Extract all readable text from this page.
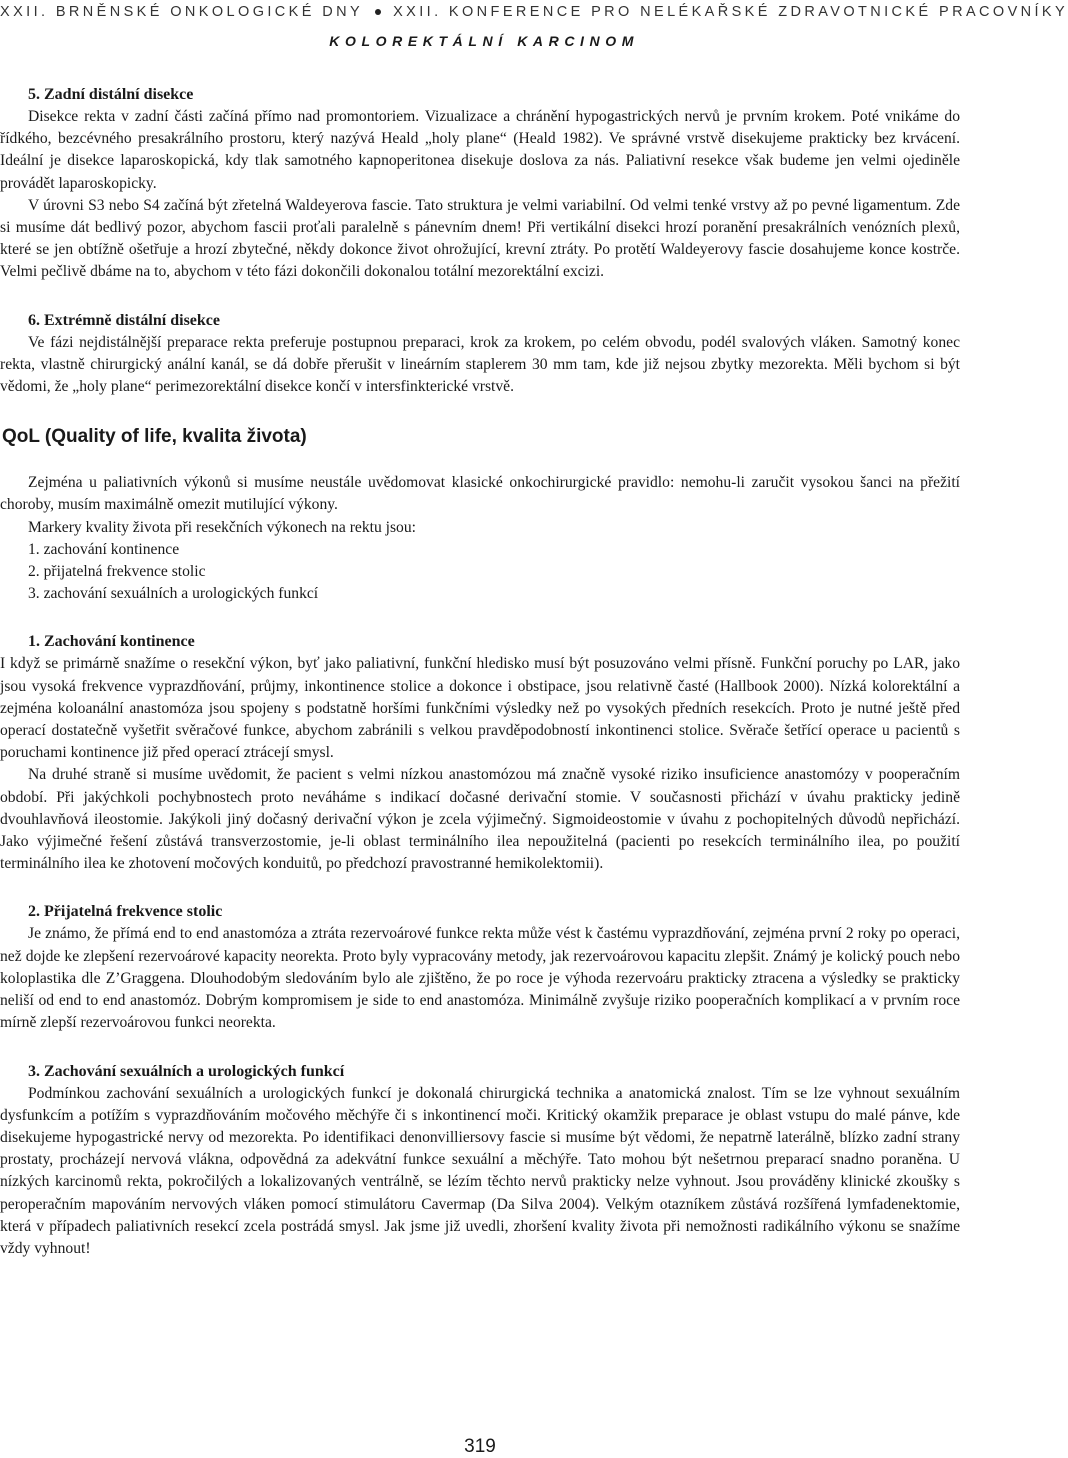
XXII. BRNĚNSKÉ ONKOLOGICKÉ DNY XXII. KONFERENCE PRO NELÉKAŘSKÉ ZDRAVOTNICKÉ PRACOVNÍKY
KOLOREKTÁLNÍ KARCINOM
5. Zadní distální disekce

Disekce rekta v zadní části začíná přímo nad promontoriem. Vizualizace a chránění hypogastrických nervů je prvním krokem. Poté vnikáme do řídkého, bezcévného presakrálního prostoru, který nazývá Heald „holy plane“ (Heald 1982). Ve správné vrstvě disekujeme prakticky bez krvácení. Ideální je disekce laparoskopická, kdy tlak samotného kapnoperitonea disekuje doslova za nás. Paliativní resekce však budeme jen velmi ojediněle provádět laparoskopicky.

V úrovni S3 nebo S4 začíná být zřetelná Waldeyerova fascie. Tato struktura je velmi variabilní. Od velmi tenké vrstvy až po pevné ligamentum. Zde si musíme dát bedlivý pozor, abychom fascii proťali paralelně s pánevním dnem! Při vertikální disekci hrozí poranění presakrálních venózních plexů, které se jen obtížně ošetřuje a hrozí zbytečné, někdy dokonce život ohrožující, krevní ztráty. Po protětí Waldeyerovy fascie dosahujeme konce kostrče. Velmi pečlivě dbáme na to, abychom v této fázi dokončili dokonalou totální mezorektální excizi.

6. Extrémně distální disekce

Ve fázi nejdistálnější preparace rekta preferuje postupnou preparaci, krok za krokem, po celém obvodu, podél svalových vláken. Samotný konec rekta, vlastně chirurgický anální kanál, se dá dobře přerušit v lineárním staplerem 30 mm tam, kde již nejsou zbytky mezorekta. Měli bychom si být vědomi, že „holy plane“ perimezorektální disekce končí v intersfinkterické vrstvě.

QoL (Quality of life, kvalita života)

Zejména u paliativních výkonů si musíme neustále uvědomovat klasické onkochirurgické pravidlo: nemohu-li zaručit vysokou šanci na přežití choroby, musím maximálně omezit mutilující výkony.

Markery kvality života při resekčních výkonech na rektu jsou:
1. zachování kontinence
2. přijatelná frekvence stolic
3. zachování sexuálních a urologických funkcí
1. Zachování kontinence

I když se primárně snažíme o resekční výkon, byť jako paliativní, funkční hledisko musí být posuzováno velmi přísně. Funkční poruchy po LAR, jako jsou vysoká frekvence vyprazdňování, průjmy, inkontinence stolice a dokonce i obstipace, jsou relativně časté (Hallbook 2000). Nízká kolorektální a zejména koloanální anastomóza jsou spojeny s podstatně horšími funkčními výsledky než po vysokých předních resekcích. Proto je nutné ještě před operací dostatečně vyšetřit svěračové funkce, abychom zabránili s velkou pravděpodobností inkontinenci stolice. Svěrače šetřící operace u pacientů s poruchami kontinence již před operací ztrácejí smysl.

Na druhé straně si musíme uvědomit, že pacient s velmi nízkou anastomózou má značně vysoké riziko insuficience anastomózy v pooperačním období. Při jakýchkoli pochybnostech proto neváháme s indikací dočasné derivační stomie. V současnosti přichází v úvahu prakticky jedině dvouhlavňová ileostomie. Jakýkoli jiný dočasný derivační výkon je zcela výjimečný. Sigmoideostomie v úvahu z pochopitelných důvodů nepřichází. Jako výjimečné řešení zůstává transverzostomie, je-li oblast terminálního ilea nepoužitelná (pacienti po resekcích terminálního ilea, po použití terminálního ilea ke zhotovení močových konduitů, po předchozí pravostranné hemikolektomii).

2. Přijatelná frekvence stolic

Je známo, že přímá end to end anastomóza a ztráta rezervoárové funkce rekta může vést k častému vyprazdňování, zejména první 2 roky po operaci, než dojde ke zlepšení rezervoárové kapacity neorekta. Proto byly vypracovány metody, jak rezervoárovou kapacitu zlepšit. Známý je kolický pouch nebo koloplastika dle Z’Graggena. Dlouhodobým sledováním bylo ale zjištěno, že po roce je výhoda rezervoáru prakticky ztracena a výsledky se prakticky neliší od end to end anastomóz. Dobrým kompromisem je side to end anastomóza. Minimálně zvyšuje riziko pooperačních komplikací a v prvním roce mírně zlepší rezervoárovou funkci neorekta.

3. Zachování sexuálních a urologických funkcí

Podmínkou zachování sexuálních a urologických funkcí je dokonalá chirurgická technika a anatomická znalost. Tím se lze vyhnout sexuálním dysfunkcím a potížím s vyprazdňováním močového měchýře či s inkontinencí moči. Kritický okamžik preparace je oblast vstupu do malé pánve, kde disekujeme hypogastrické nervy od mezorekta. Po identifikaci denonvilliersovy fascie si musíme být vědomi, že nepatrně laterálně, blízko zadní strany prostaty, procházejí nervová vlákna, odpovědná za adekvátní funkce sexuální a měchýře. Tato mohou být nešetrnou preparací snadno poraněna. U nízkých karcinomů rekta, pokročilých a lokalizovaných ventrálně, se lézím těchto nervů prakticky nelze vyhnout. Jsou prováděny klinické zkoušky s peroperačním mapováním nervových vláken pomocí stimulátoru Cavermap (Da Silva 2004). Velkým otazníkem zůstává rozšířená lymfadenektomie, která v případech paliativních resekcí zcela postrádá smysl. Jak jsme již uvedli, zhoršení kvality života při nemožnosti radikálního výkonu se snažíme vždy vyhnout!

319
